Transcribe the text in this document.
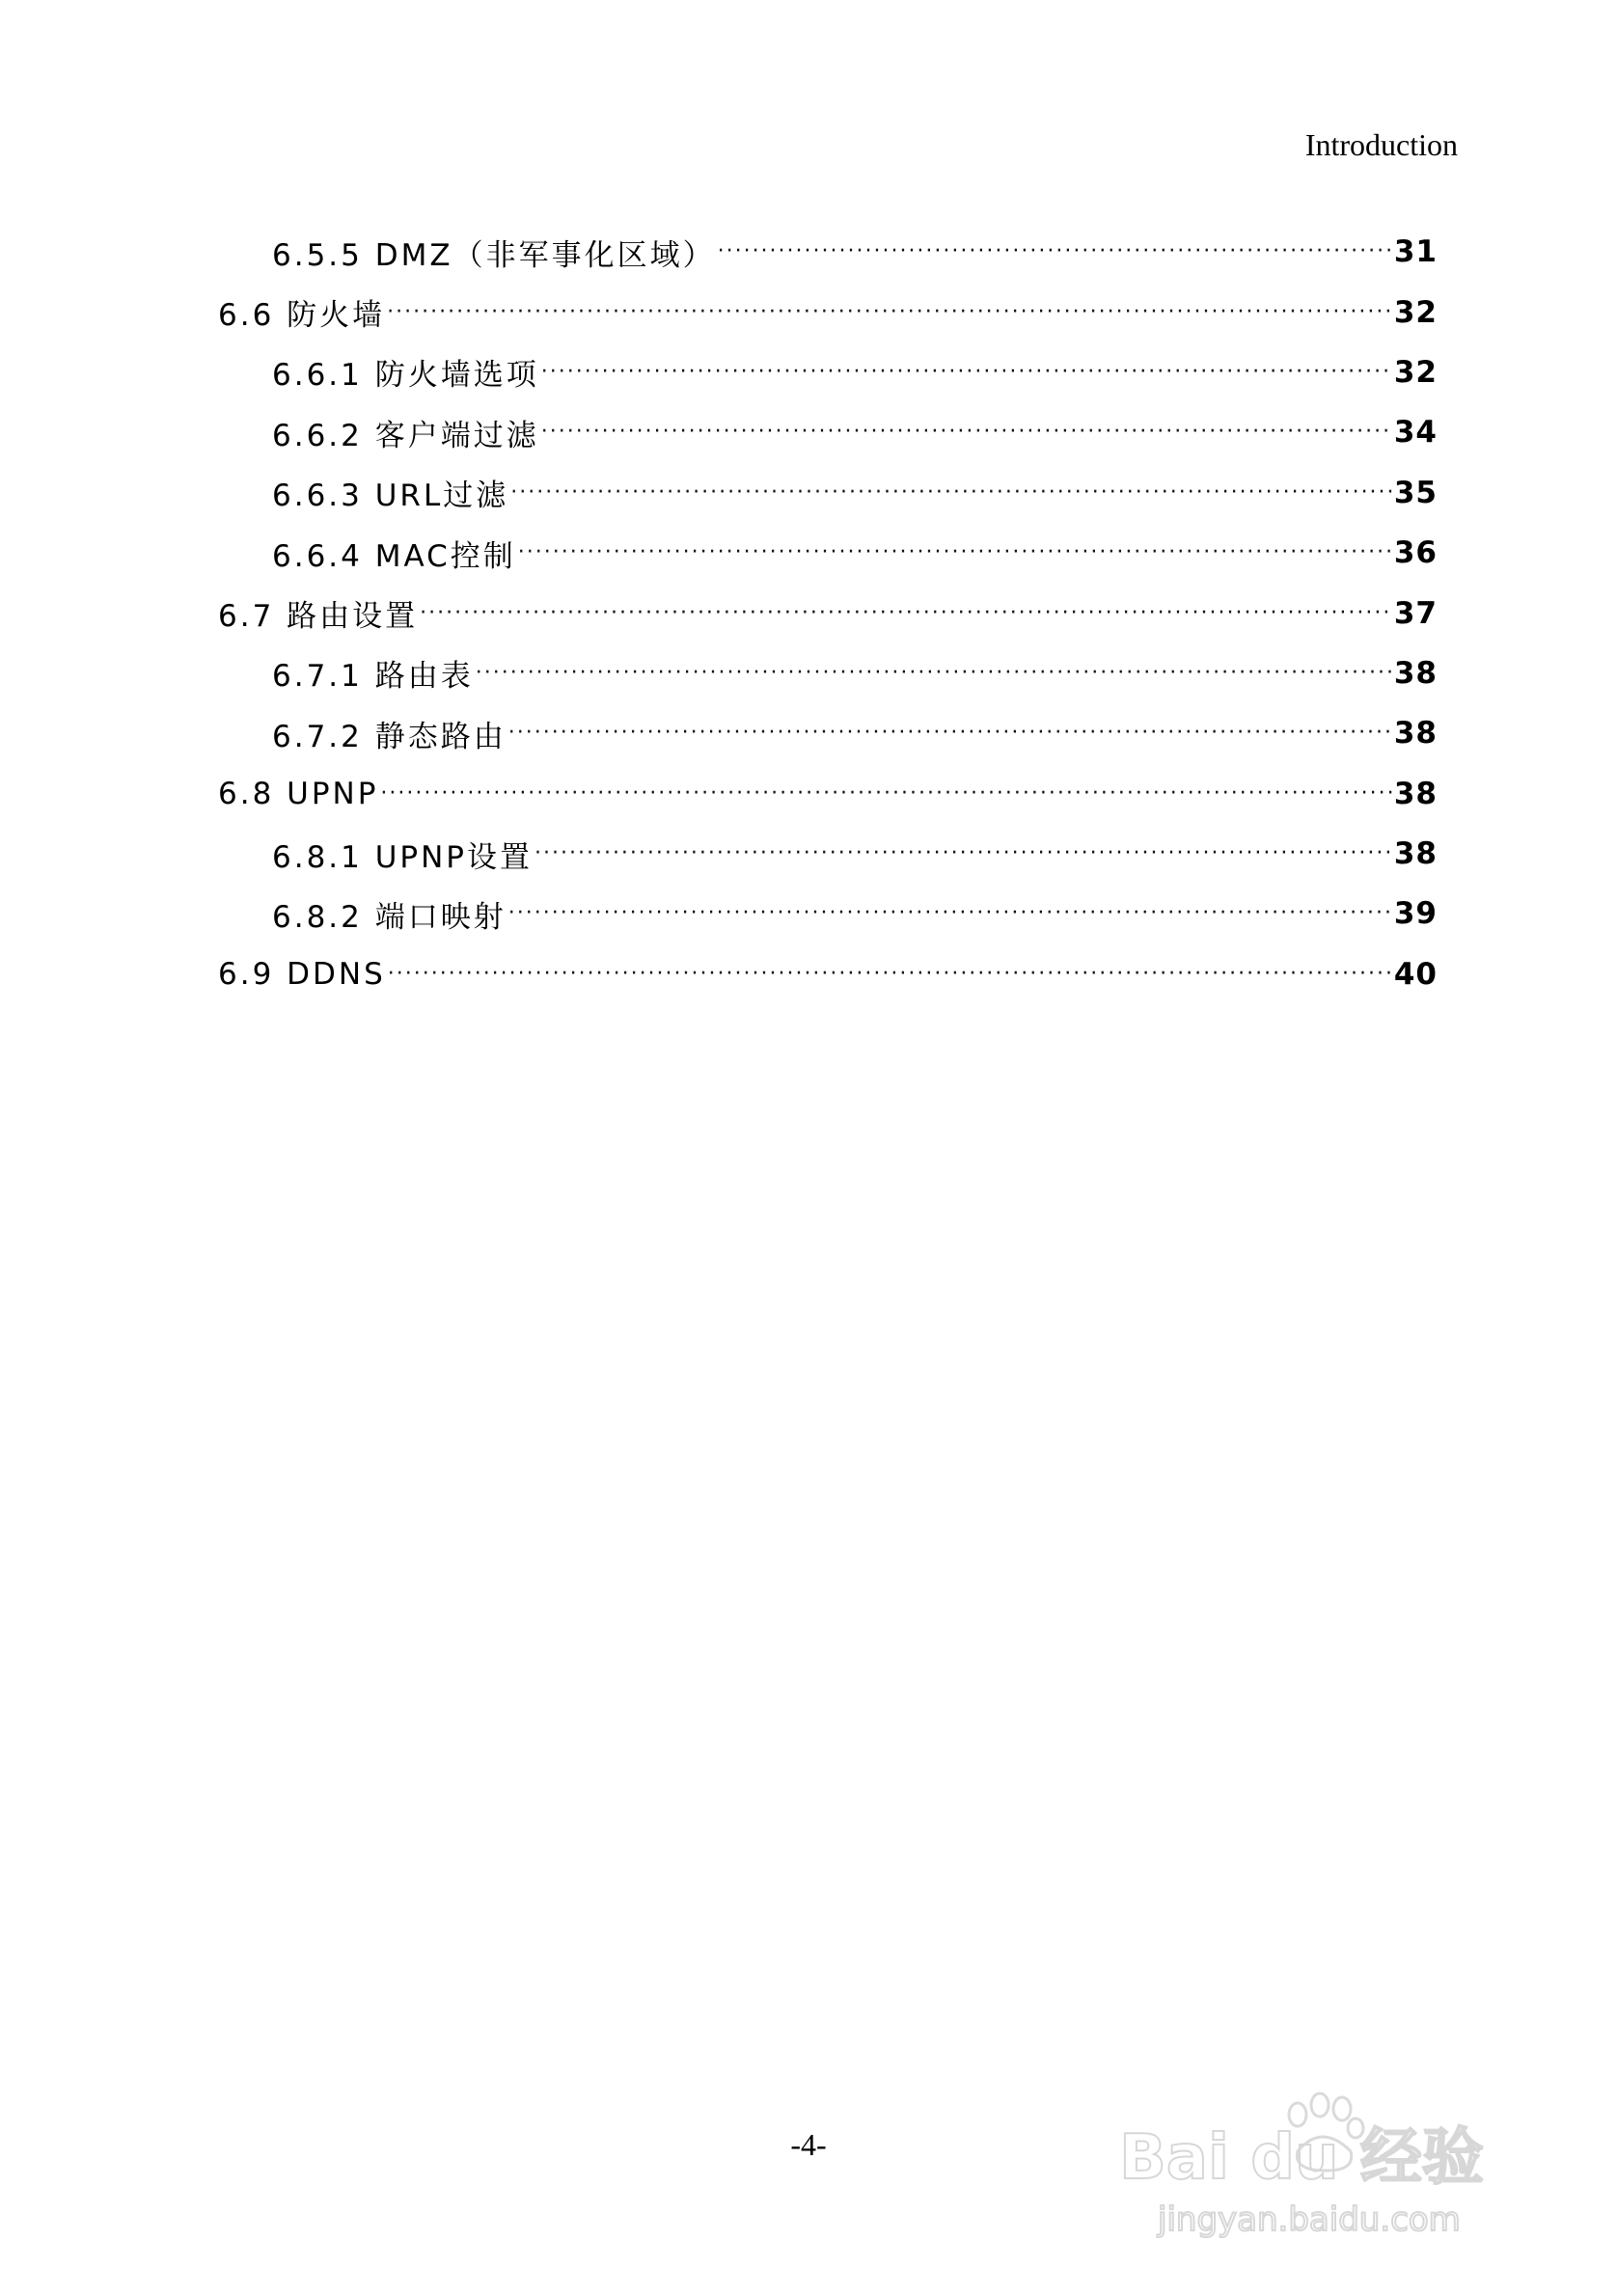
Introduction
6.5.5 DMZ（非军事化区域） ·····	31
6.6 防火墙 ·····	32
6.6.1 防火墙选项 ·····	32
6.6.2 客户端过滤 ·····	34
6.6.3 URL过滤 ·····	35
6.6.4 MAC控制 ·····	36
6.7 路由设置 ·····	37
6.7.1 路由表 ·····	38
6.7.2 静态路由 ·····	38
6.8 UPNP ·····	38
6.8.1 UPNP设置 ·····	38
6.8.2 端口映射 ·····	39
6.9 DDNS ·····	40
-4-	Bai du 经验
jingyan.baidu.com
